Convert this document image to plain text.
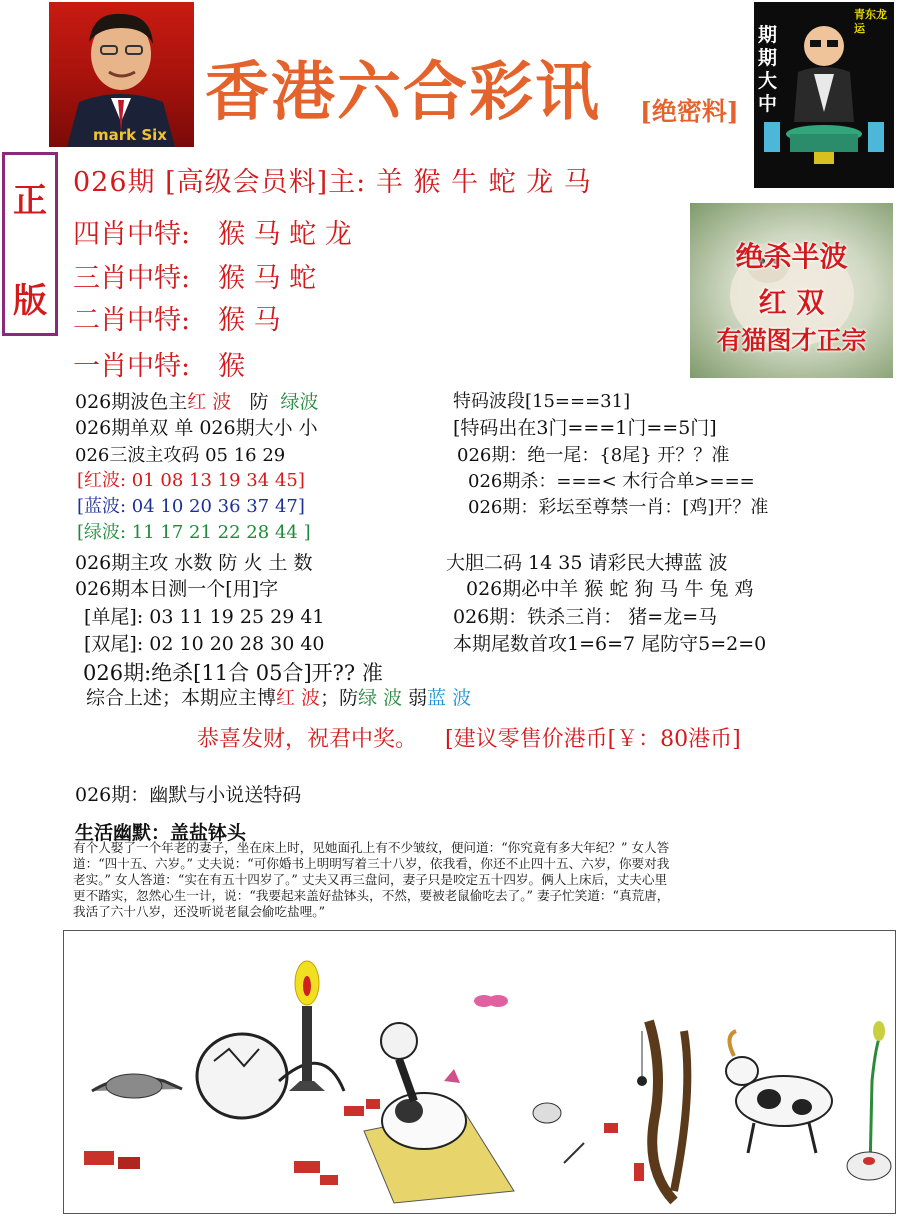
mark Six
香港六合彩讯 [绝密料]
期期大中
青东龙运
正
版
026期 [高级会员料]主: 羊 猴 牛 蛇 龙 马
四肖中特: 猴 马 蛇 龙
三肖中特: 猴 马 蛇
二肖中特: 猴 马
一肖中特: 猴
绝杀半波
红 双
有猫图才正宗
026期波色主红 波 防 绿波
026期单双 单 026期大小 小
026三波主攻码 05 16 29
[红波: 01 08 13 19 34 45]
[蓝波: 04 10 20 36 37 47]
[绿波: 11 17 21 22 28 44 ]
026期主攻 水数 防 火 土 数
026期本日测一个[用]字
[单尾]: 03 11 19 25 29 41
[双尾]: 02 10 20 28 30 40
026期:绝杀[11合 05合]开?? 准
综合上述；本期应主博红 波；防绿 波 弱蓝 波
特码波段[15===31]
[特码出在3门===1门==5门]
026期：绝一尾：{8尾} 开？？准
026期杀：===< 木行合单>===
026期：彩坛至尊禁一肖：[鸡]开？准
大胆二码 14 35 请彩民大搏蓝 波
026期必中羊 猴 蛇 狗 马 牛 兔 鸡
026期：铁杀三肖： 猪=龙=马
本期尾数首攻1=6=7 尾防守5=2=0
恭喜发财，祝君中奖。 [建议零售价港币[￥：80港币]
026期：幽默与小说送特码
生活幽默：盖盐钵头
有个人娶了一个年老的妻子，坐在床上时，见她面孔上有不少皱纹，便问道：“你究竟有多大年纪？” 女人答
道：“四十五、六岁。” 丈夫说：“可你婚书上明明写着三十八岁，依我看，你还不止四十五、六岁，你要对我
老实。” 女人答道：“实在有五十四岁了。” 丈夫又再三盘问，妻子只是咬定五十四岁。俩人上床后，丈夫心里
更不踏实，忽然心生一计，说：“我要起来盖好盐钵头，不然，要被老鼠偷吃去了。” 妻子忙笑道：“真荒唐，
我活了六十八岁，还没听说老鼠会偷吃盐哩。”
